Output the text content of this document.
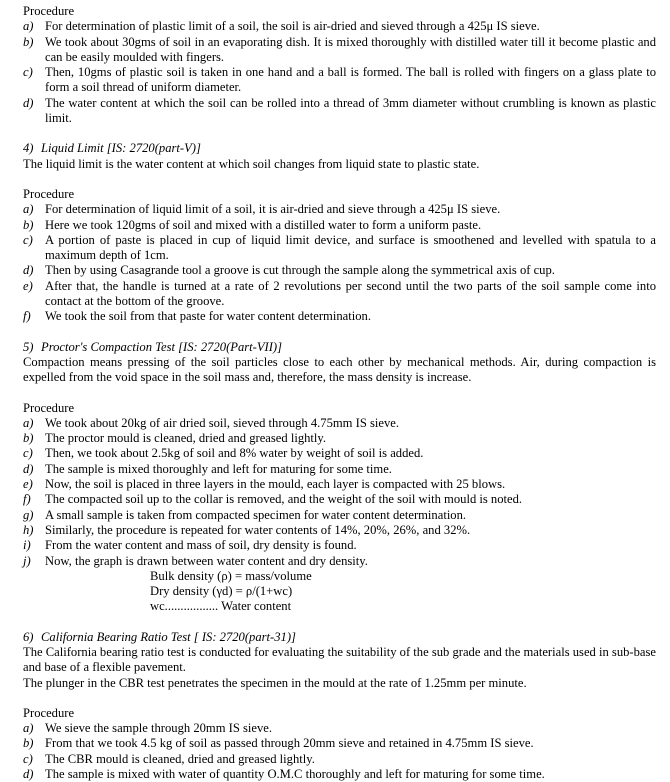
Procedure

a) For determination of plastic limit of a soil, the soil is air-dried and sieved through a 425μ IS sieve.
b) We took about 30gms of soil in an evaporating dish. It is mixed thoroughly with distilled water till it become plastic and can be easily moulded with fingers.
c) Then, 10gms of plastic soil is taken in one hand and a ball is formed. The ball is rolled with fingers on a glass plate to form a soil thread of uniform diameter.
d) The water content at which the soil can be rolled into a thread of 3mm diameter without crumbling is known as plastic limit.

4) Liquid Limit [IS: 2720(part-V)]

The liquid limit is the water content at which soil changes from liquid state to plastic state.

Procedure

a) For determination of liquid limit of a soil, it is air-dried and sieve through a 425μ IS sieve.
b) Here we took 120gms of soil and mixed with a distilled water to form a uniform paste.
c) A portion of paste is placed in cup of liquid limit device, and surface is smoothened and levelled with spatula to a maximum depth of 1cm.
d) Then by using Casagrande tool a groove is cut through the sample along the symmetrical axis of cup.
e) After that, the handle is turned at a rate of 2 revolutions per second until the two parts of the soil sample come into contact at the bottom of the groove.
f) We took the soil from that paste for water content determination.

5) Proctor's Compaction Test [IS: 2720(Part-VII)]

Compaction means pressing of the soil particles close to each other by mechanical methods. Air, during compaction is expelled from the void space in the soil mass and, therefore, the mass density is increase.

Procedure

a) We took about 20kg of air dried soil, sieved through 4.75mm IS sieve.
b) The proctor mould is cleaned, dried and greased lightly.
c) Then, we took about 2.5kg of soil and 8% water by weight of soil is added.
d) The sample is mixed thoroughly and left for maturing for some time.
e) Now, the soil is placed in three layers in the mould, each layer is compacted with 25 blows.
f) The compacted soil up to the collar is removed, and the weight of the soil with mould is noted.
g) A small sample is taken from compacted specimen for water content determination.
h) Similarly, the procedure is repeated for water contents of 14%, 20%, 26%, and 32%.
i) From the water content and mass of soil, dry density is found.
j) Now, the graph is drawn between water content and dry density.
Bulk density (ρ) = mass/volume
Dry density (γd) = ρ/(1+wc)
wc................. Water content

6) California Bearing Ratio Test [ IS: 2720(part-31)]

The California bearing ratio test is conducted for evaluating the suitability of the sub grade and the materials used in sub-base and base of a flexible pavement.

The plunger in the CBR test penetrates the specimen in the mould at the rate of 1.25mm per minute.

Procedure

a) We sieve the sample through 20mm IS sieve.
b) From that we took 4.5 kg of soil as passed through 20mm sieve and retained in 4.75mm IS sieve.
c) The CBR mould is cleaned, dried and greased lightly.
d) The sample is mixed with water of quantity O.M.C thoroughly and left for maturing for some time.
